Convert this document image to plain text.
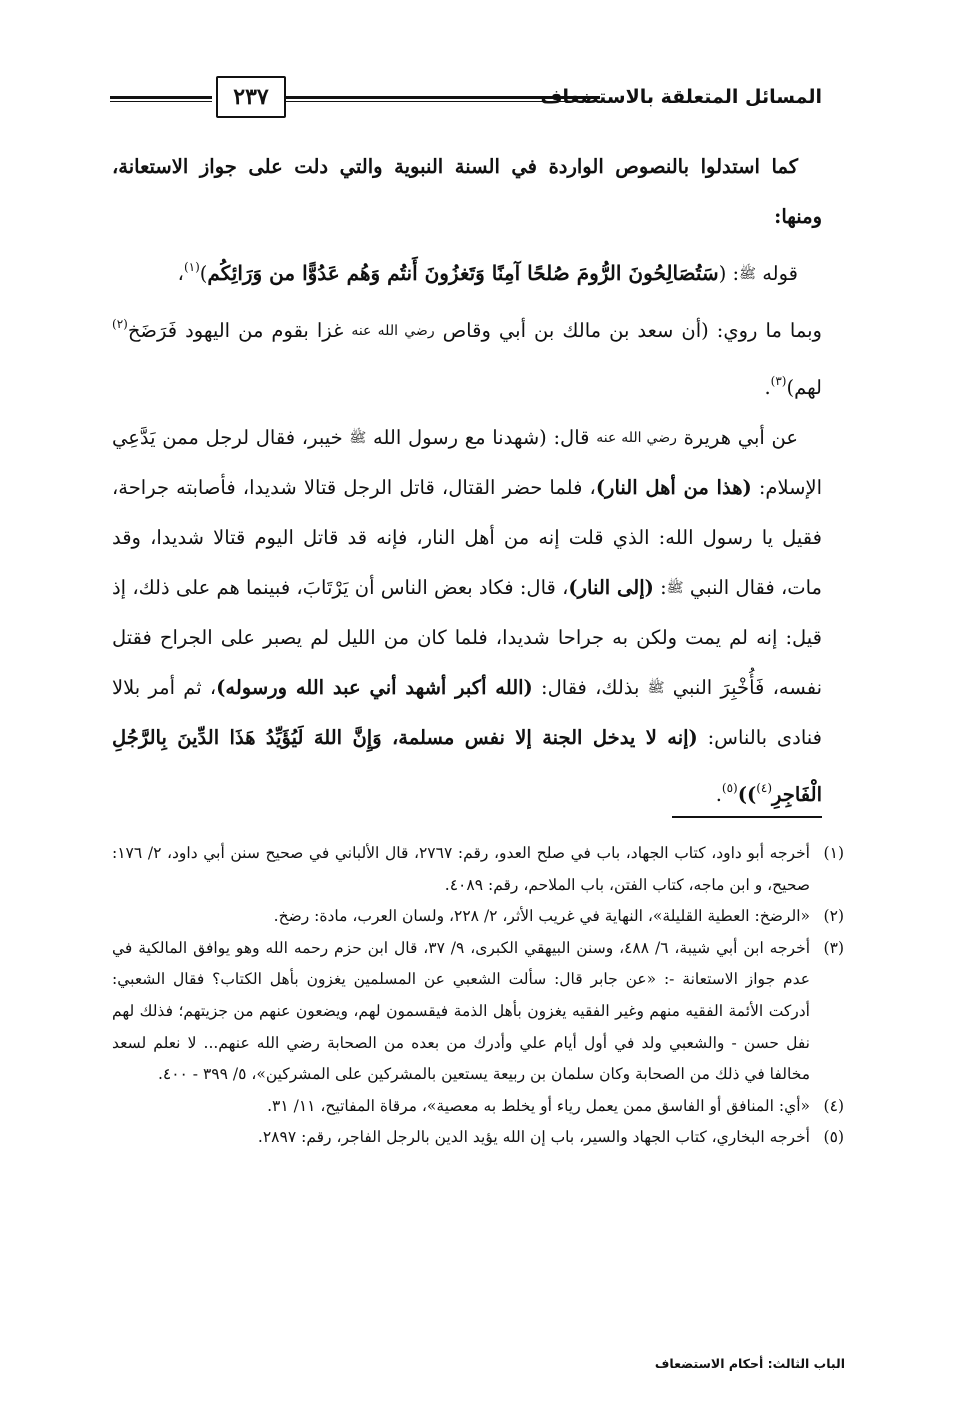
المسائل المتعلقة بالاستضعاف
٢٣٧

كما استدلوا بالنصوص الواردة في السنة النبوية والتي دلت على جواز الاستعانة، ومنها:

قوله ﷺ: (سَتُصَالِحُونَ الرُّومَ صُلحًا آمِنًا وَتَغزُونَ أَنتُم وَهُم عَدُوًّا من وَرَائِكُم)$^{(١)}$،

وبما ما روي: (أن سعد بن مالك بن أبي وقاص رضي الله عنه غزا بقوم من اليهود فَرَضَخ$^{(٢)}$ لهم)$^{(٣)}$.

عن أبي هريرة رضي الله عنه قال: (شهدنا مع رسول الله ﷺ خيبر، فقال لرجل ممن يَدَّعِي الإسلام: (هذا من أهل النار)، فلما حضر القتال، قاتل الرجل قتالا شديدا، فأصابته جراحة، فقيل يا رسول الله: الذي قلت إنه من أهل النار، فإنه قد قاتل اليوم قتالا شديدا، وقد مات، فقال النبي ﷺ: (إلى النار)، قال: فكاد بعض الناس أن يَرْتَابَ، فبينما هم على ذلك، إذ قيل: إنه لم يمت ولكن به جراحا شديدا، فلما كان من الليل لم يصبر على الجراح فقتل نفسه، فَأُخْبِرَ النبي ﷺ بذلك، فقال: (الله أكبر أشهد أني عبد الله ورسوله)، ثم أمر بلالا فنادى بالناس: (إنه لا يدخل الجنة إلا نفس مسلمة، وَإِنَّ اللهَ لَيُؤَيِّدُ هَذَا الدِّينَ بِالرَّجُلِ الْفَاجِرِ$^{(٤)}$))$^{(٥)}$.

(١)
أخرجه أبو داود، كتاب الجهاد، باب في صلح العدو، رقم: ٢٧٦٧، قال الألباني في صحيح سنن أبي داود، ٢/ ١٧٦: صحيح، و ابن ماجه، كتاب الفتن، باب الملاحم، رقم: ٤٠٨٩.

(٢)
«الرضخ: العطية القليلة»، النهاية في غريب الأثر، ٢/ ٢٢٨، ولسان العرب، مادة: رضخ.

(٣)
أخرجه ابن أبي شيبة، ٦/ ٤٨٨، وسنن البيهقي الكبرى، ٩/ ٣٧، قال ابن حزم رحمه الله وهو يوافق المالكية في عدم جواز الاستعانة -: «عن جابر قال: سألت الشعبي عن المسلمين يغزون بأهل الكتاب؟ فقال الشعبي: أدركت الأئمة الفقيه منهم وغير الفقيه يغزون بأهل الذمة فيقسمون لهم، ويضعون عنهم من جزيتهم؛ فذلك لهم نفل حسن - والشعبي ولد في أول أيام علي وأدرك من بعده من الصحابة رضي الله عنهم... لا نعلم لسعد مخالفا في ذلك من الصحابة وكان سلمان بن ربيعة يستعين بالمشركين على المشركين»، ٥/ ٣٩٩ - ٤٠٠.

(٤)
«أي: المنافق أو الفاسق ممن يعمل رياء أو يخلط به معصية»، مرقاة المفاتيح، ١١/ ٣١.

(٥)
أخرجه البخاري، كتاب الجهاد والسير، باب إن الله يؤيد الدين بالرجل الفاجر، رقم: ٢٨٩٧.

الباب الثالث: أحكام الاستضعاف
